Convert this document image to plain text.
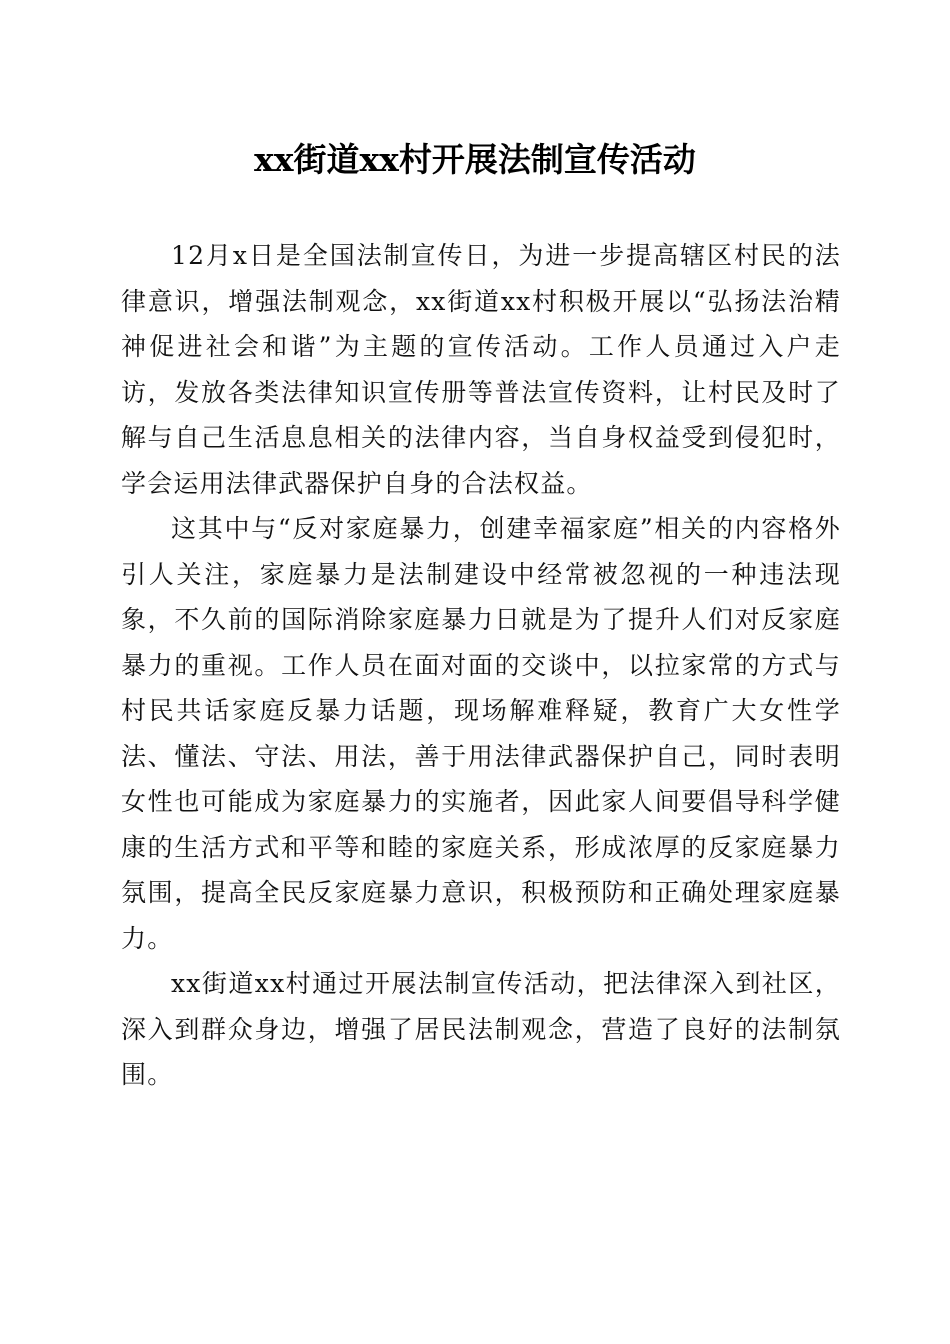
xx街道xx村开展法制宣传活动

12月x日是全国法制宣传日，为进一步提高辖区村民的法律意识，增强法制观念，xx街道xx村积极开展以“弘扬法治精神促进社会和谐”为主题的宣传活动。工作人员通过入户走访，发放各类法律知识宣传册等普法宣传资料，让村民及时了解与自己生活息息相关的法律内容，当自身权益受到侵犯时，学会运用法律武器保护自身的合法权益。

这其中与“反对家庭暴力，创建幸福家庭”相关的内容格外引人关注，家庭暴力是法制建设中经常被忽视的一种违法现象，不久前的国际消除家庭暴力日就是为了提升人们对反家庭暴力的重视。工作人员在面对面的交谈中，以拉家常的方式与村民共话家庭反暴力话题，现场解难释疑，教育广大女性学法、懂法、守法、用法，善于用法律武器保护自己，同时表明女性也可能成为家庭暴力的实施者，因此家人间要倡导科学健康的生活方式和平等和睦的家庭关系，形成浓厚的反家庭暴力氛围，提高全民反家庭暴力意识，积极预防和正确处理家庭暴力。

xx街道xx村通过开展法制宣传活动，把法律深入到社区，深入到群众身边，增强了居民法制观念，营造了良好的法制氛围。
